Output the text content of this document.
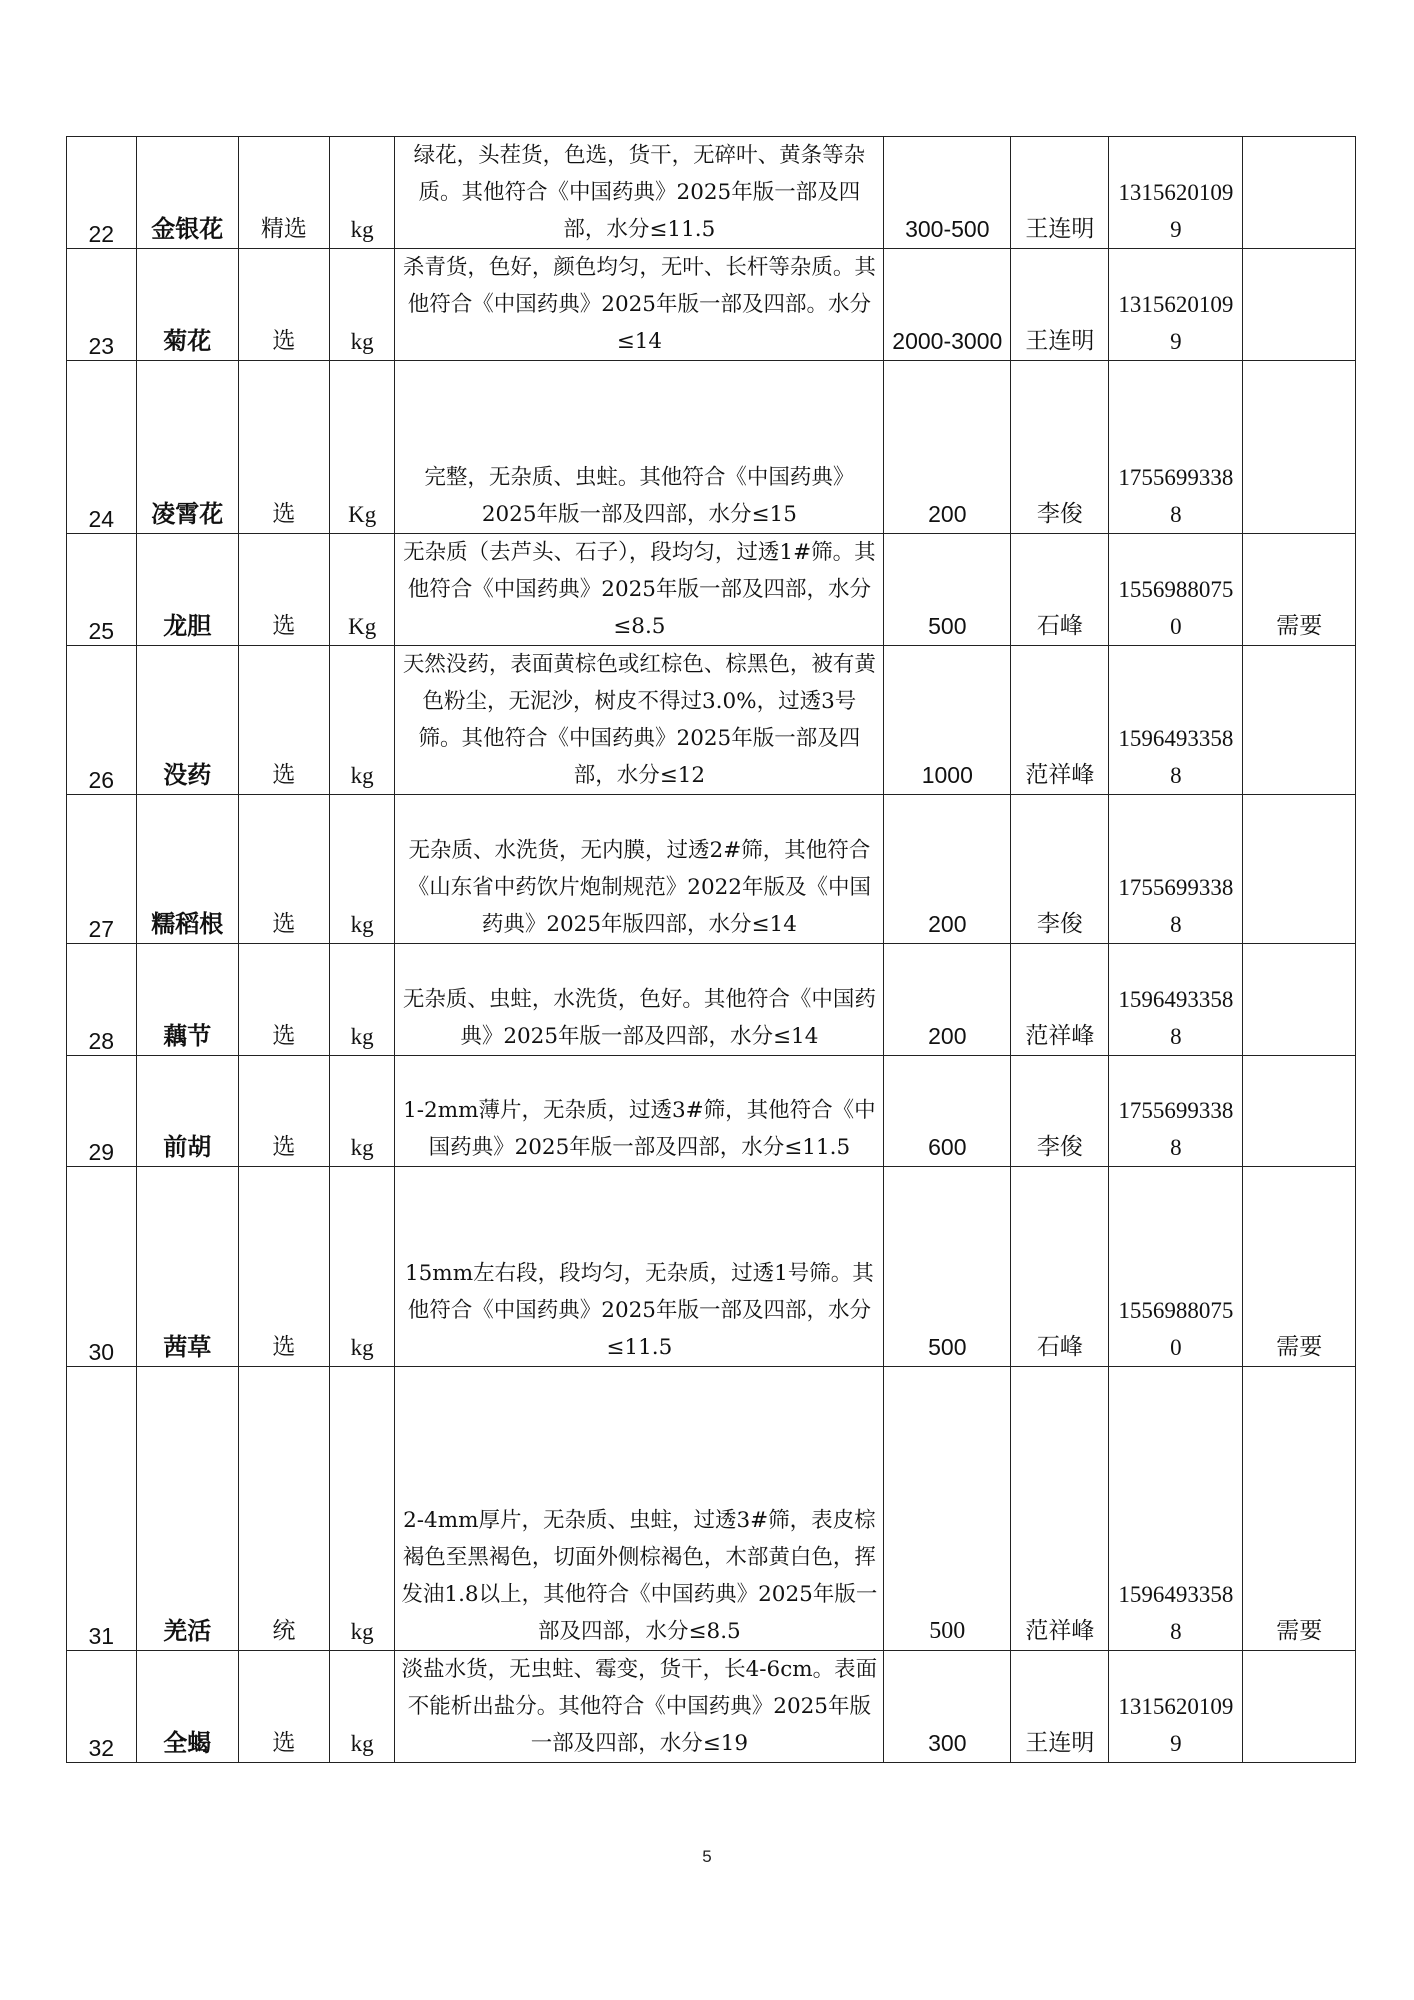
22	金银花	精选	kg	绿花，头茬货，色选，货干，无碎叶、黄条等杂质。其他符合《中国药典》2025年版一部及四部，水分≤11.5	300-500	王连明	13156201099	
23	菊花	选	kg	杀青货，色好，颜色均匀，无叶、长杆等杂质。其他符合《中国药典》2025年版一部及四部。水分≤14	2000-3000	王连明	13156201099	
24	凌霄花	选	Kg	完整，无杂质、虫蛀。其他符合《中国药典》2025年版一部及四部，水分≤15	200	李俊	17556993388	
25	龙胆	选	Kg	无杂质（去芦头、石子），段均匀，过透1#筛。其他符合《中国药典》2025年版一部及四部，水分≤8.5	500	石峰	15569880750	需要
26	没药	选	kg	天然没药，表面黄棕色或红棕色、棕黑色，被有黄色粉尘，无泥沙，树皮不得过3.0%，过透3号筛。其他符合《中国药典》2025年版一部及四部，水分≤12	1000	范祥峰	15964933588	
27	糯稻根	选	kg	无杂质、水洗货，无内膜，过透2#筛，其他符合《山东省中药饮片炮制规范》2022年版及《中国药典》2025年版四部，水分≤14	200	李俊	17556993388	
28	藕节	选	kg	无杂质、虫蛀，水洗货，色好。其他符合《中国药典》2025年版一部及四部，水分≤14	200	范祥峰	15964933588	
29	前胡	选	kg	1-2mm薄片，无杂质，过透3#筛，其他符合《中国药典》2025年版一部及四部，水分≤11.5	600	李俊	17556993388	
30	茜草	选	kg	15mm左右段，段均匀，无杂质，过透1号筛。其他符合《中国药典》2025年版一部及四部，水分≤11.5	500	石峰	15569880750	需要
31	羌活	统	kg	2-4mm厚片，无杂质、虫蛀，过透3#筛，表皮棕褐色至黑褐色，切面外侧棕褐色，木部黄白色，挥发油1.8以上，其他符合《中国药典》2025年版一部及四部，水分≤8.5	500	范祥峰	15964933588	需要
32	全蝎	选	kg	淡盐水货，无虫蛀、霉变，货干，长4-6cm。表面不能析出盐分。其他符合《中国药典》2025年版一部及四部，水分≤19	300	王连明	13156201099	
5
